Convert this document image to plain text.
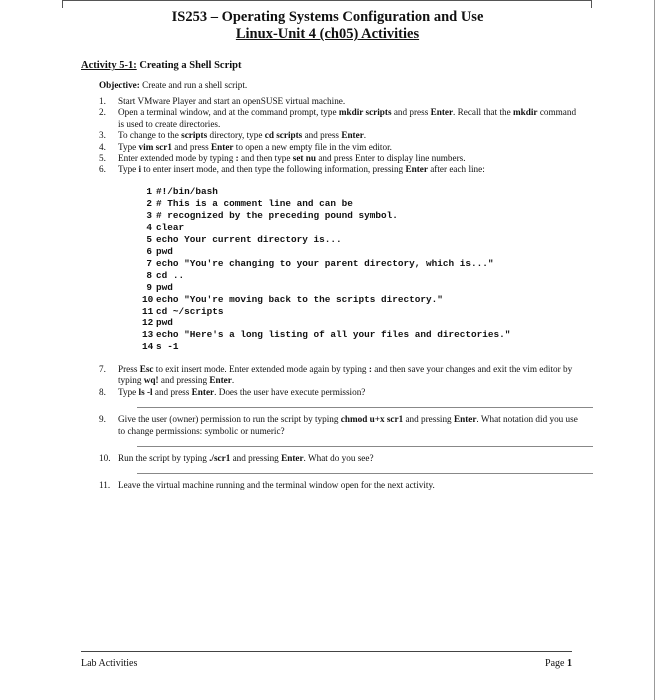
IS253 – Operating Systems Configuration and Use
Linux-Unit 4 (ch05) Activities
Activity 5-1: Creating a Shell Script
Objective: Create and run a shell script.
1. Start VMware Player and start an openSUSE virtual machine.
2. Open a terminal window, and at the command prompt, type mkdir scripts and press Enter. Recall that the mkdir command is used to create directories.
3. To change to the scripts directory, type cd scripts and press Enter.
4. Type vim scr1 and press Enter to open a new empty file in the vim editor.
5. Enter extended mode by typing : and then type set nu and press Enter to display line numbers.
6. Type i to enter insert mode, and then type the following information, pressing Enter after each line:
1 #!/bin/bash
2 # This is a comment line and can be
3 # recognized by the preceding pound symbol.
4 clear
5 echo Your current directory is...
6 pwd
7 echo "You're changing to your parent directory, which is..."
8 cd ..
9 pwd
10 echo "You're moving back to the scripts directory."
11 cd ~/scripts
12 pwd
13 echo "Here's a long listing of all your files and directories."
14 s -1
7. Press Esc to exit insert mode. Enter extended mode again by typing : and then save your changes and exit the vim editor by typing wq! and pressing Enter.
8. Type ls -l and press Enter. Does the user have execute permission?
9. Give the user (owner) permission to run the script by typing chmod u+x scr1 and pressing Enter. What notation did you use to change permissions: symbolic or numeric?
10. Run the script by typing ./scr1 and pressing Enter. What do you see?
11. Leave the virtual machine running and the terminal window open for the next activity.
Lab Activities	Page 1
